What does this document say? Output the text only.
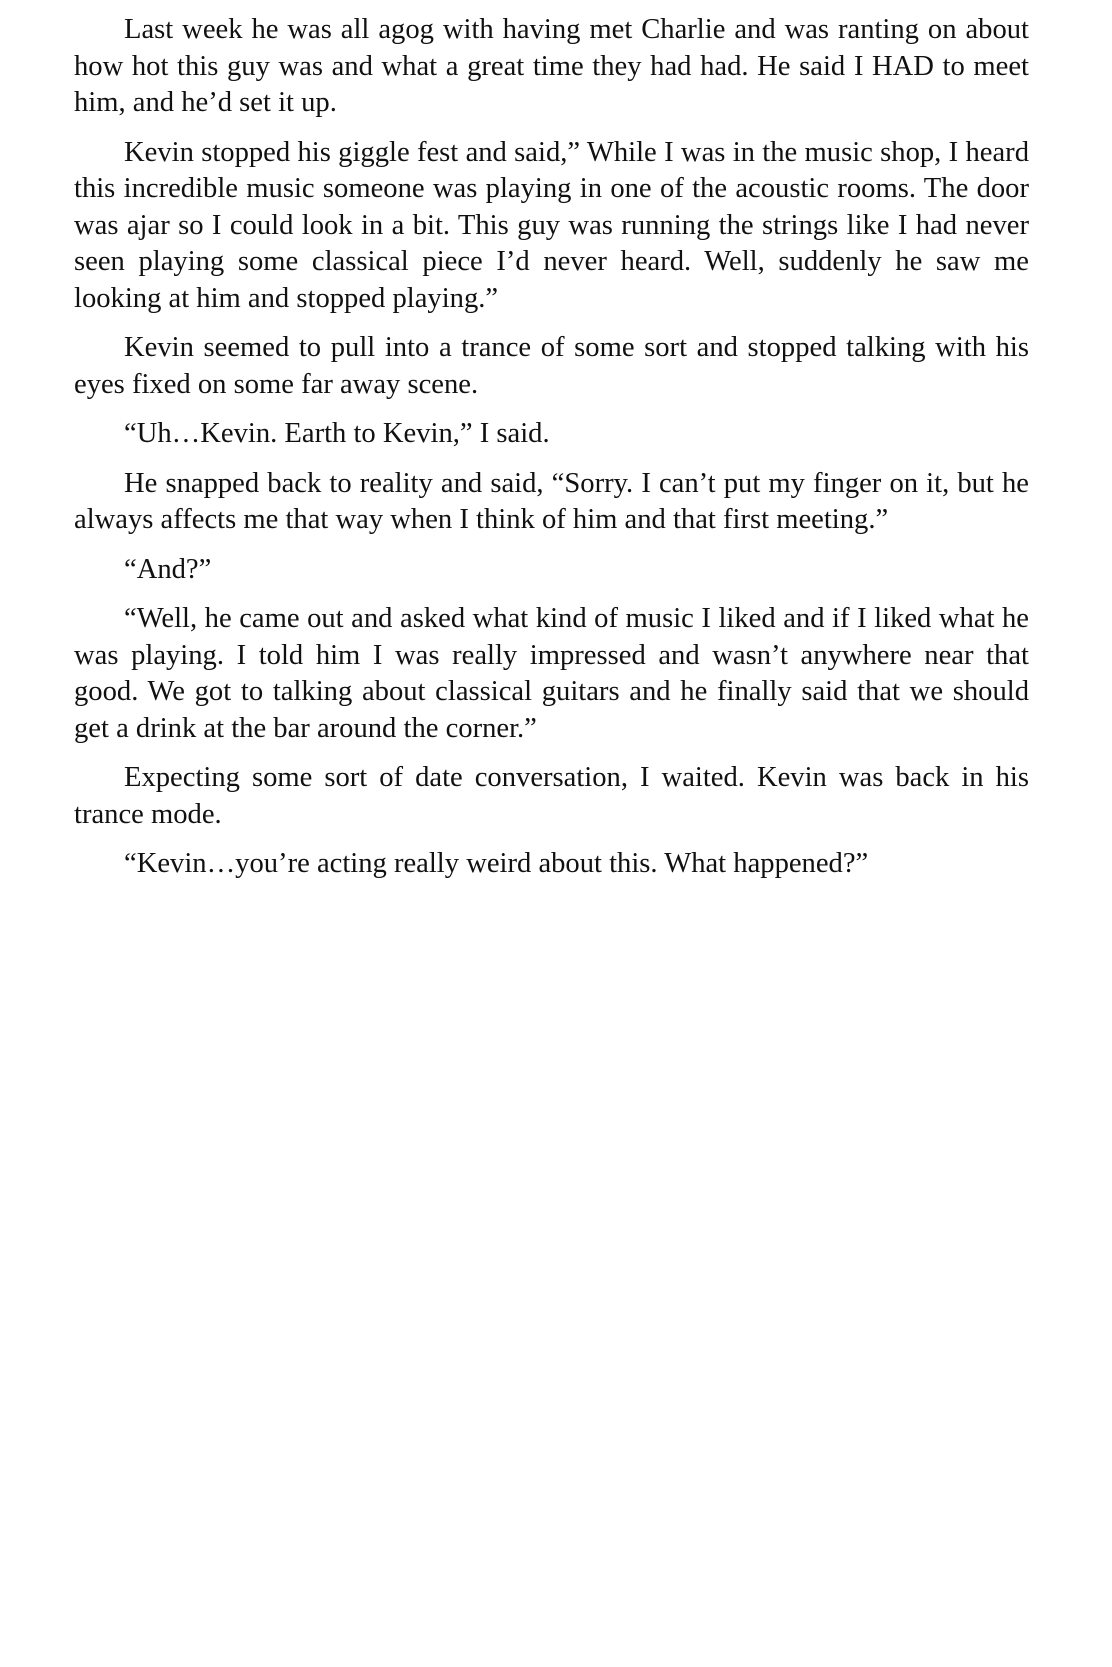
Last week he was all agog with having met Charlie and was ranting on about how hot this guy was and what a great time they had had. He said I HAD to meet him, and he’d set it up.

Kevin stopped his giggle fest and said,” While I was in the music shop, I heard this incredible music someone was playing in one of the acoustic rooms. The door was ajar so I could look in a bit. This guy was running the strings like I had never seen playing some classical piece I’d never heard. Well, suddenly he saw me looking at him and stopped playing.”

Kevin seemed to pull into a trance of some sort and stopped talking with his eyes fixed on some far away scene.

“Uh…Kevin. Earth to Kevin,” I said.

He snapped back to reality and said, “Sorry. I can’t put my finger on it, but he always affects me that way when I think of him and that first meeting.”

“And?”

“Well, he came out and asked what kind of music I liked and if I liked what he was playing. I told him I was really impressed and wasn’t anywhere near that good. We got to talking about classical guitars and he finally said that we should get a drink at the bar around the corner.”

Expecting some sort of date conversation, I waited. Kevin was back in his trance mode.

“Kevin…you’re acting really weird about this. What happened?”
